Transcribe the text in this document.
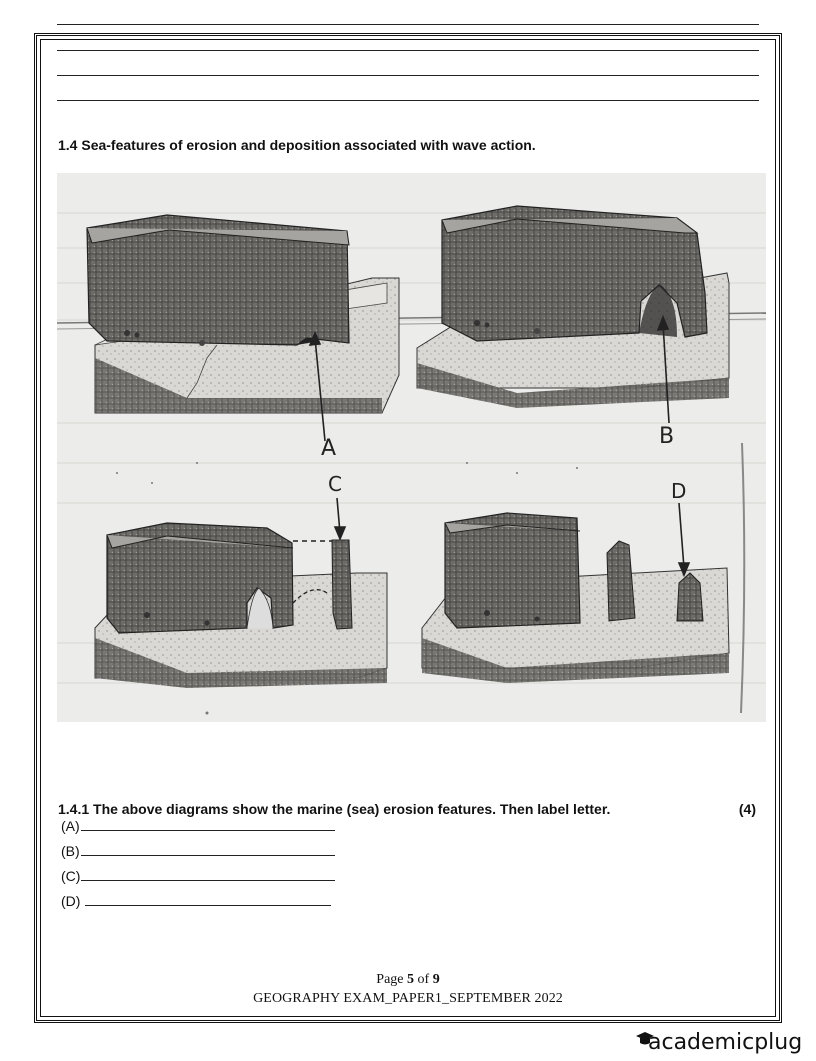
1.4 Sea-features of erosion and deposition associated with wave action.
A	B
C	D
1.4.1 The above diagrams show the marine (sea) erosion features. Then label letter.	(4)
(A)
(B)
(C)
(D)
Page 5 of 9
GEOGRAPHY EXAM_PAPER1_SEPTEMBER 2022
academicplug
